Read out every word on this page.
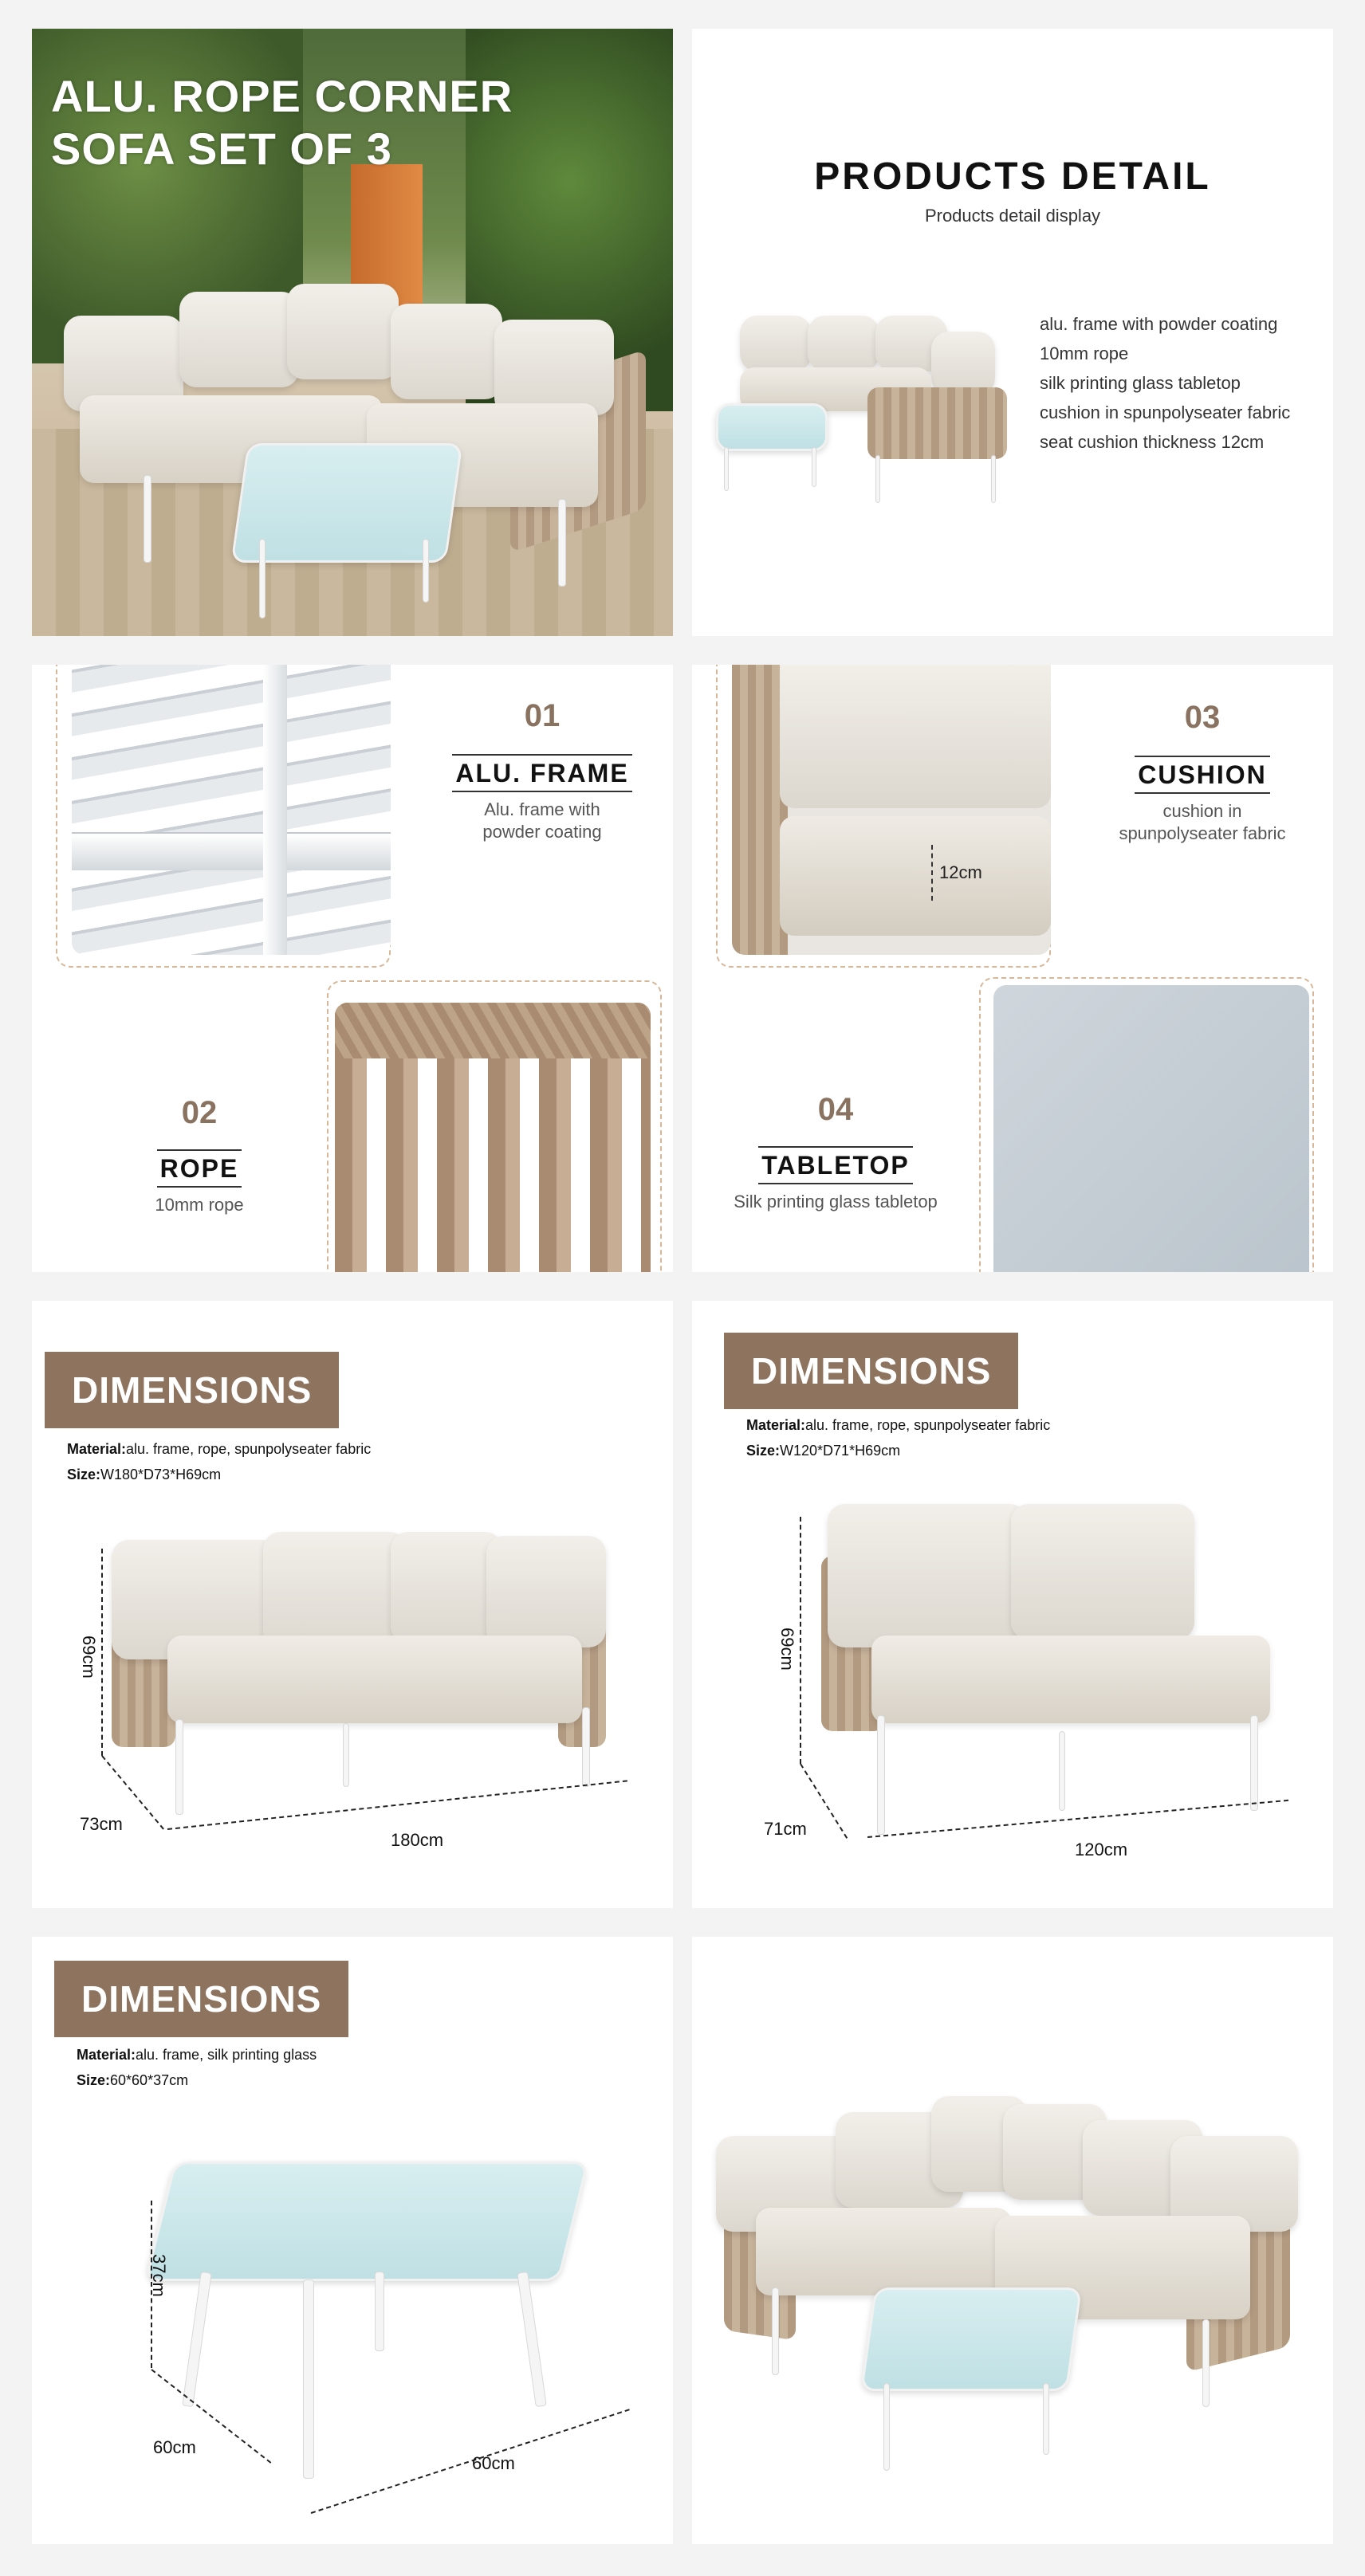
ALU. ROPE CORNER
SOFA SET OF 3
PRODUCTS DETAIL
Products detail display
alu. frame with powder coating
10mm rope
silk printing glass tabletop
cushion in spunpolyseater fabric
seat cushion thickness 12cm
01
ALU. FRAME
Alu. frame with
powder coating
02
ROPE
10mm rope
12cm
03
CUSHION
cushion in
spunpolyseater fabric
04
TABLETOP
Silk printing glass tabletop
DIMENSIONS
Material:alu. frame, rope, spunpolyseater fabric
Size:W180*D73*H69cm
69cm
73cm
180cm
DIMENSIONS
Material:alu. frame, rope, spunpolyseater fabric
Size:W120*D71*H69cm
69cm
71cm
120cm
DIMENSIONS
Material:alu. frame, silk printing glass
Size:60*60*37cm
37cm
60cm
60cm
